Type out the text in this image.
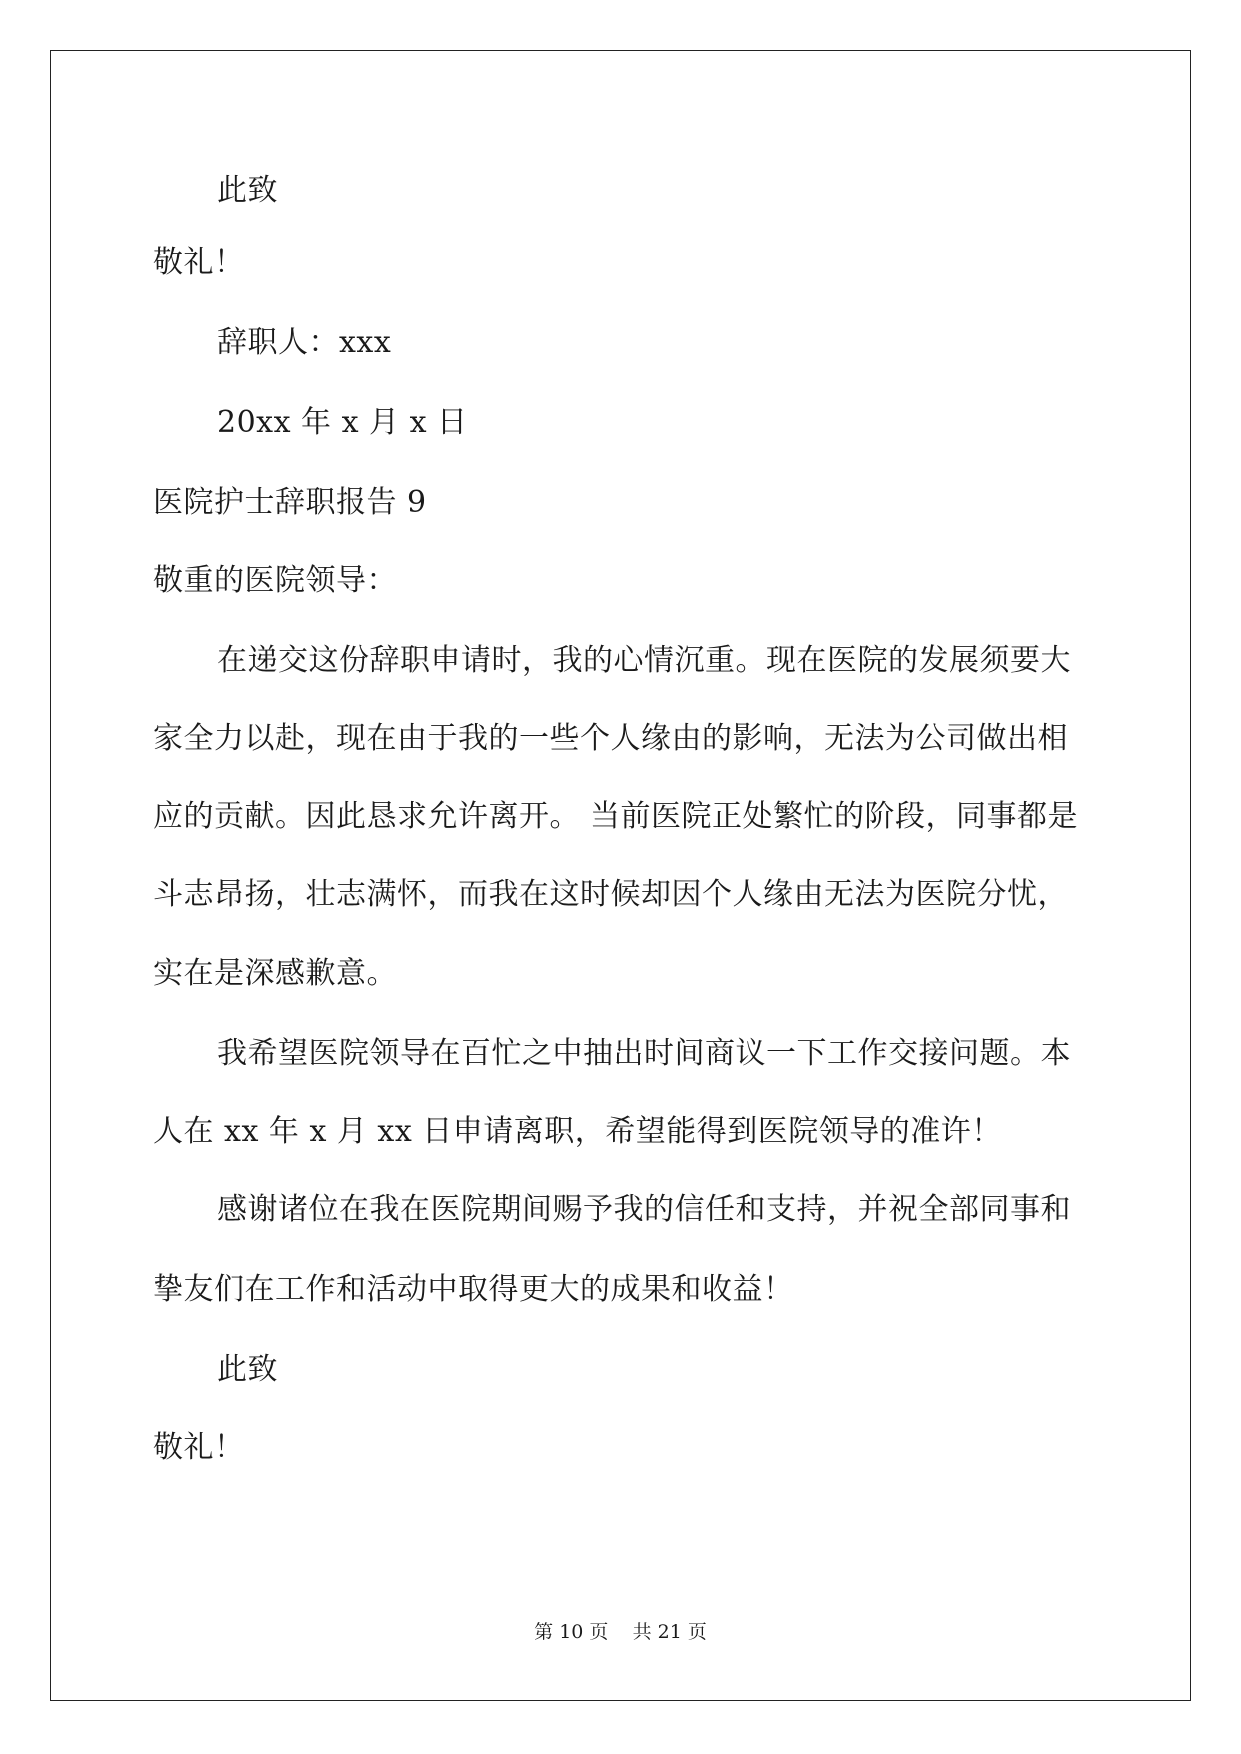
此致
敬礼！
辞职人：xxx
20xx 年 x 月 x 日
医院护士辞职报告 9
敬重的医院领导：
在递交这份辞职申请时，我的心情沉重。现在医院的发展须要大
家全力以赴，现在由于我的一些个人缘由的影响，无法为公司做出相
应的贡献。因此恳求允许离开。 当前医院正处繁忙的阶段，同事都是
斗志昂扬，壮志满怀，而我在这时候却因个人缘由无法为医院分忧，
实在是深感歉意。
我希望医院领导在百忙之中抽出时间商议一下工作交接问题。本
人在 xx 年 x 月 xx 日申请离职，希望能得到医院领导的准许！
感谢诸位在我在医院期间赐予我的信任和支持，并祝全部同事和
挚友们在工作和活动中取得更大的成果和收益！
此致
敬礼！
第 10 页    共 21 页
